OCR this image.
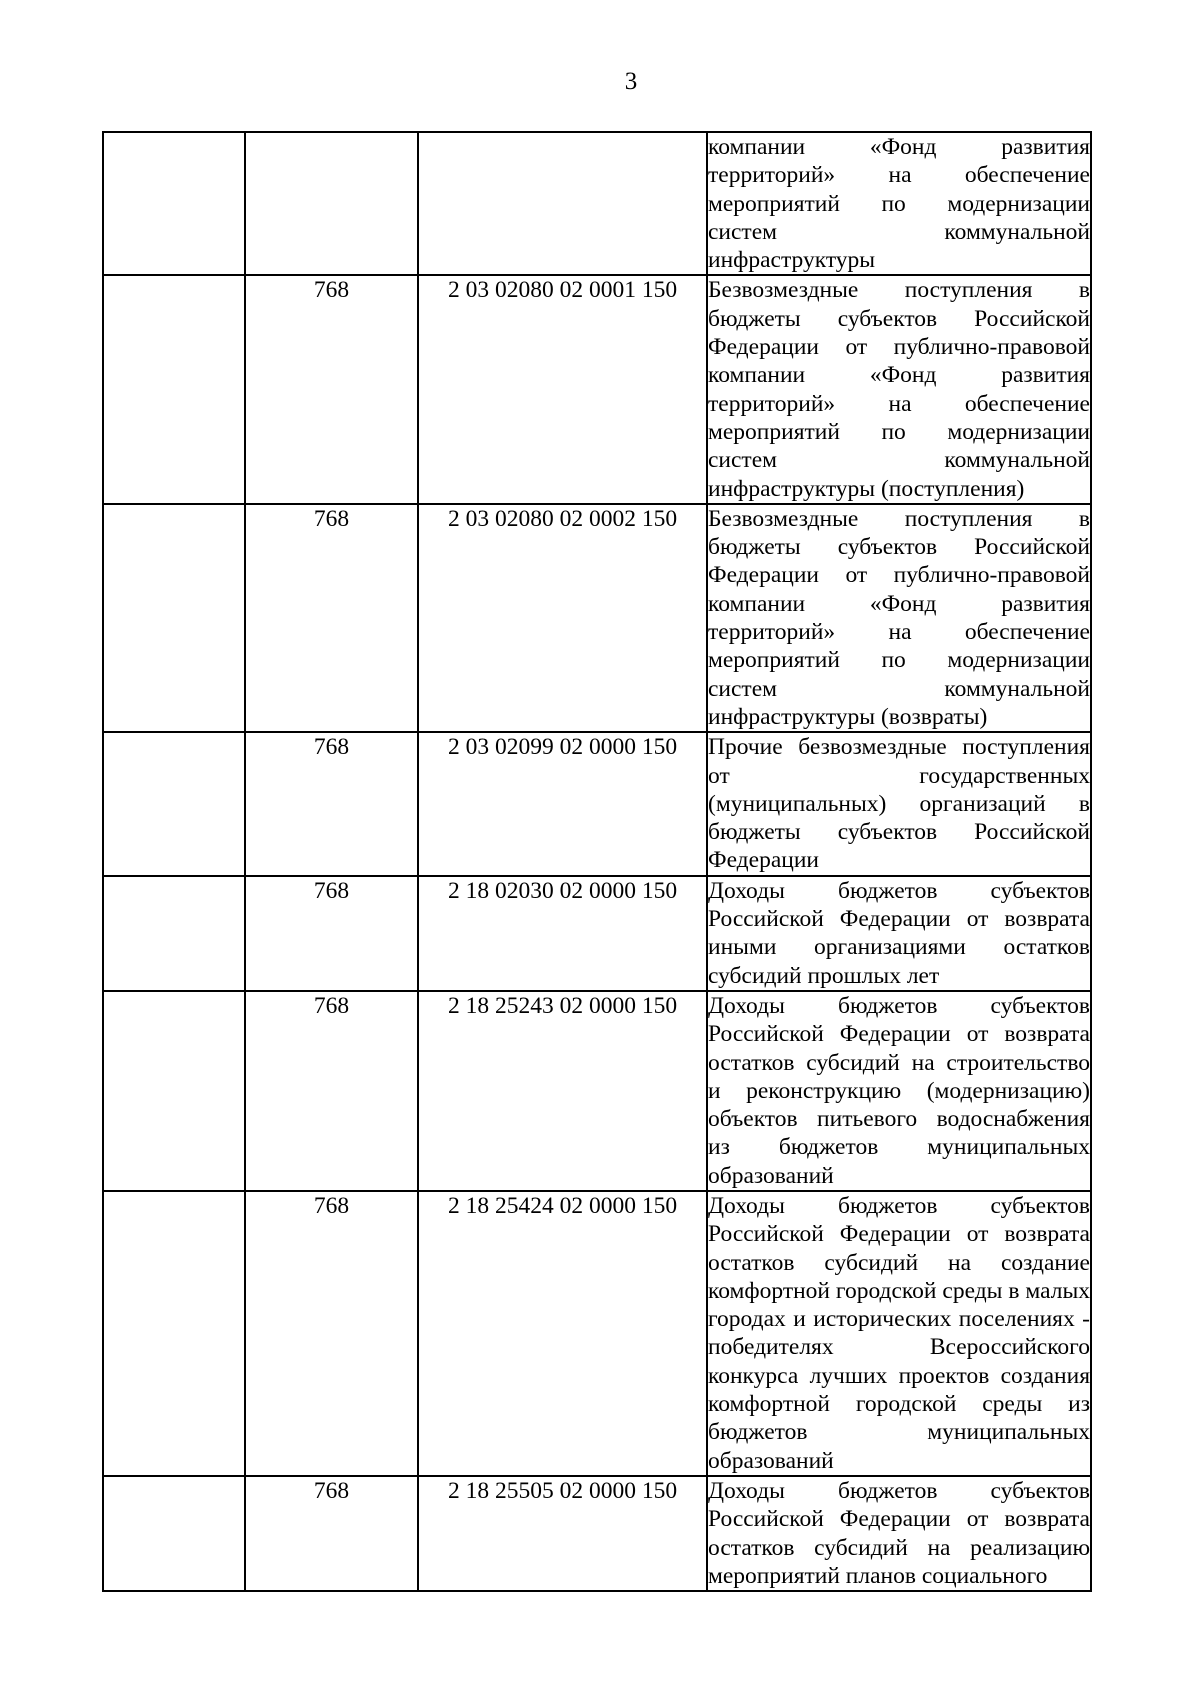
3
			компании «Фонд развития территорий» на обеспечение мероприятий по модернизации систем коммунальной инфраструктуры
	768	2 03 02080 02 0001 150	Безвозмездные поступления в бюджеты субъектов Российской Федерации от публично-правовой компании «Фонд развития территорий» на обеспечение мероприятий по модернизации систем коммунальной инфраструктуры (поступления)
	768	2 03 02080 02 0002 150	Безвозмездные поступления в бюджеты субъектов Российской Федерации от публично-правовой компании «Фонд развития территорий» на обеспечение мероприятий по модернизации систем коммунальной инфраструктуры (возвраты)
	768	2 03 02099 02 0000 150	Прочие безвозмездные поступления от государственных (муниципальных) организаций в бюджеты субъектов Российской Федерации
	768	2 18 02030 02 0000 150	Доходы бюджетов субъектов Российской Федерации от возврата иными организациями остатков субсидий прошлых лет
	768	2 18 25243 02 0000 150	Доходы бюджетов субъектов Российской Федерации от возврата остатков субсидий на строительство и реконструкцию (модернизацию) объектов питьевого водоснабжения из бюджетов муниципальных образований
	768	2 18 25424 02 0000 150	Доходы бюджетов субъектов Российской Федерации от возврата остатков субсидий на создание комфортной городской среды в малых городах и исторических поселениях - победителях Всероссийского конкурса лучших проектов создания комфортной городской среды из бюджетов муниципальных образований
	768	2 18 25505 02 0000 150	Доходы бюджетов субъектов Российской Федерации от возврата остатков субсидий на реализацию мероприятий планов социального
